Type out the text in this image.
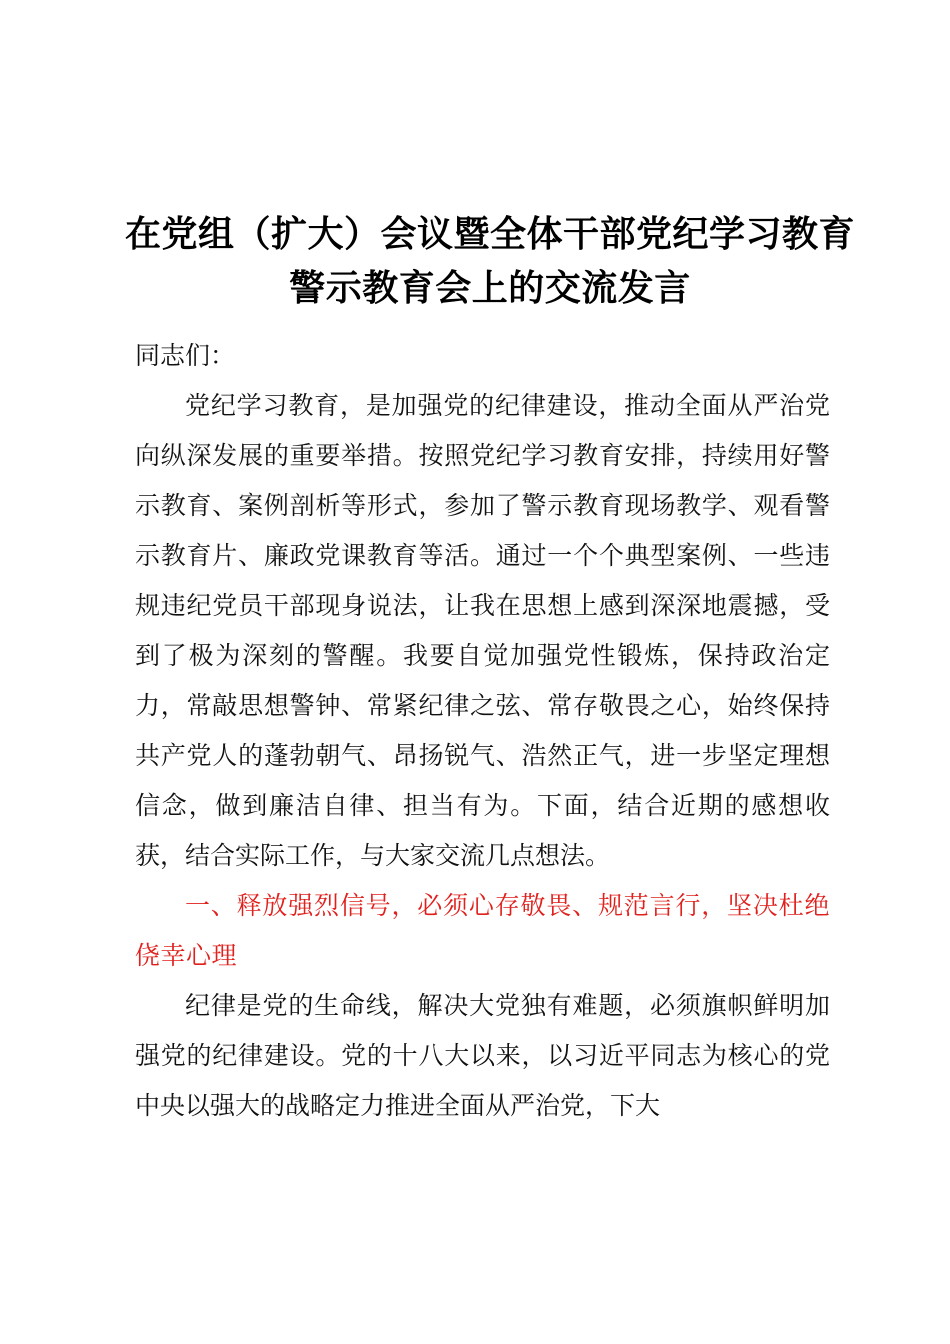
在党组（扩大）会议暨全体干部党纪学习教育警示教育会上的交流发言

同志们：

党纪学习教育，是加强党的纪律建设，推动全面从严治党向纵深发展的重要举措。按照党纪学习教育安排，持续用好警示教育、案例剖析等形式，参加了警示教育现场教学、观看警示教育片、廉政党课教育等活。通过一个个典型案例、一些违规违纪党员干部现身说法，让我在思想上感到深深地震撼，受到了极为深刻的警醒。我要自觉加强党性锻炼，保持政治定力，常敲思想警钟、常紧纪律之弦、常存敬畏之心，始终保持共产党人的蓬勃朝气、昂扬锐气、浩然正气，进一步坚定理想信念，做到廉洁自律、担当有为。下面，结合近期的感想收获，结合实际工作，与大家交流几点想法。

一、释放强烈信号，必须心存敬畏、规范言行，坚决杜绝侥幸心理

纪律是党的生命线，解决大党独有难题，必须旗帜鲜明加强党的纪律建设。党的十八大以来，以习近平同志为核心的党中央以强大的战略定力推进全面从严治党，下大
